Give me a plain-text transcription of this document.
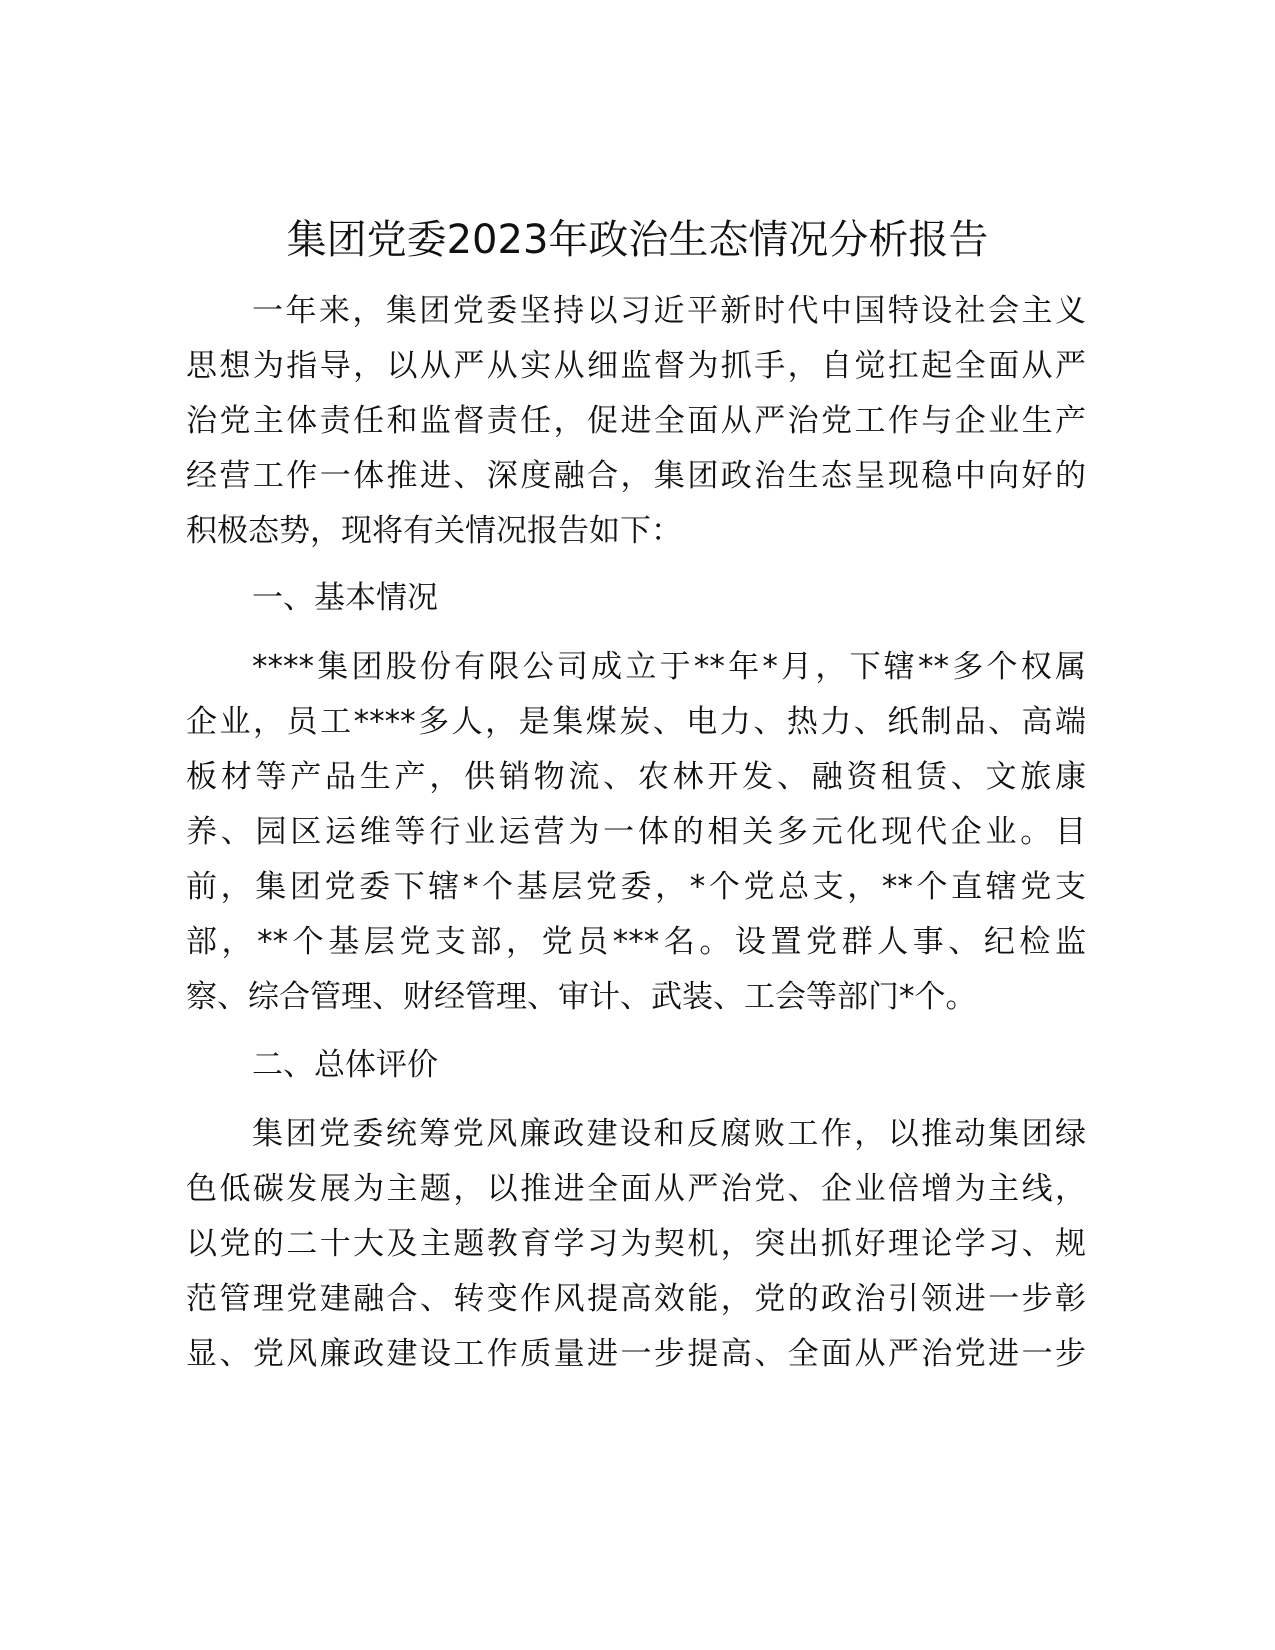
集团党委2023年政治生态情况分析报告
一年来，集团党委坚持以习近平新时代中国特设社会主义
思想为指导，以从严从实从细监督为抓手，自觉扛起全面从严
治党主体责任和监督责任，促进全面从严治党工作与企业生产
经营工作一体推进、深度融合，集团政治生态呈现稳中向好的
积极态势，现将有关情况报告如下：
一、基本情况
****集团股份有限公司成立于**年*月，下辖**多个权属
企业，员工****多人，是集煤炭、电力、热力、纸制品、高端
板材等产品生产，供销物流、农林开发、融资租赁、文旅康
养、园区运维等行业运营为一体的相关多元化现代企业。目
前，集团党委下辖*个基层党委，*个党总支，**个直辖党支
部，**个基层党支部，党员***名。设置党群人事、纪检监
察、综合管理、财经管理、审计、武装、工会等部门*个。
二、总体评价
集团党委统筹党风廉政建设和反腐败工作，以推动集团绿
色低碳发展为主题，以推进全面从严治党、企业倍增为主线，
以党的二十大及主题教育学习为契机，突出抓好理论学习、规
范管理党建融合、转变作风提高效能，党的政治引领进一步彰
显、党风廉政建设工作质量进一步提高、全面从严治党进一步
